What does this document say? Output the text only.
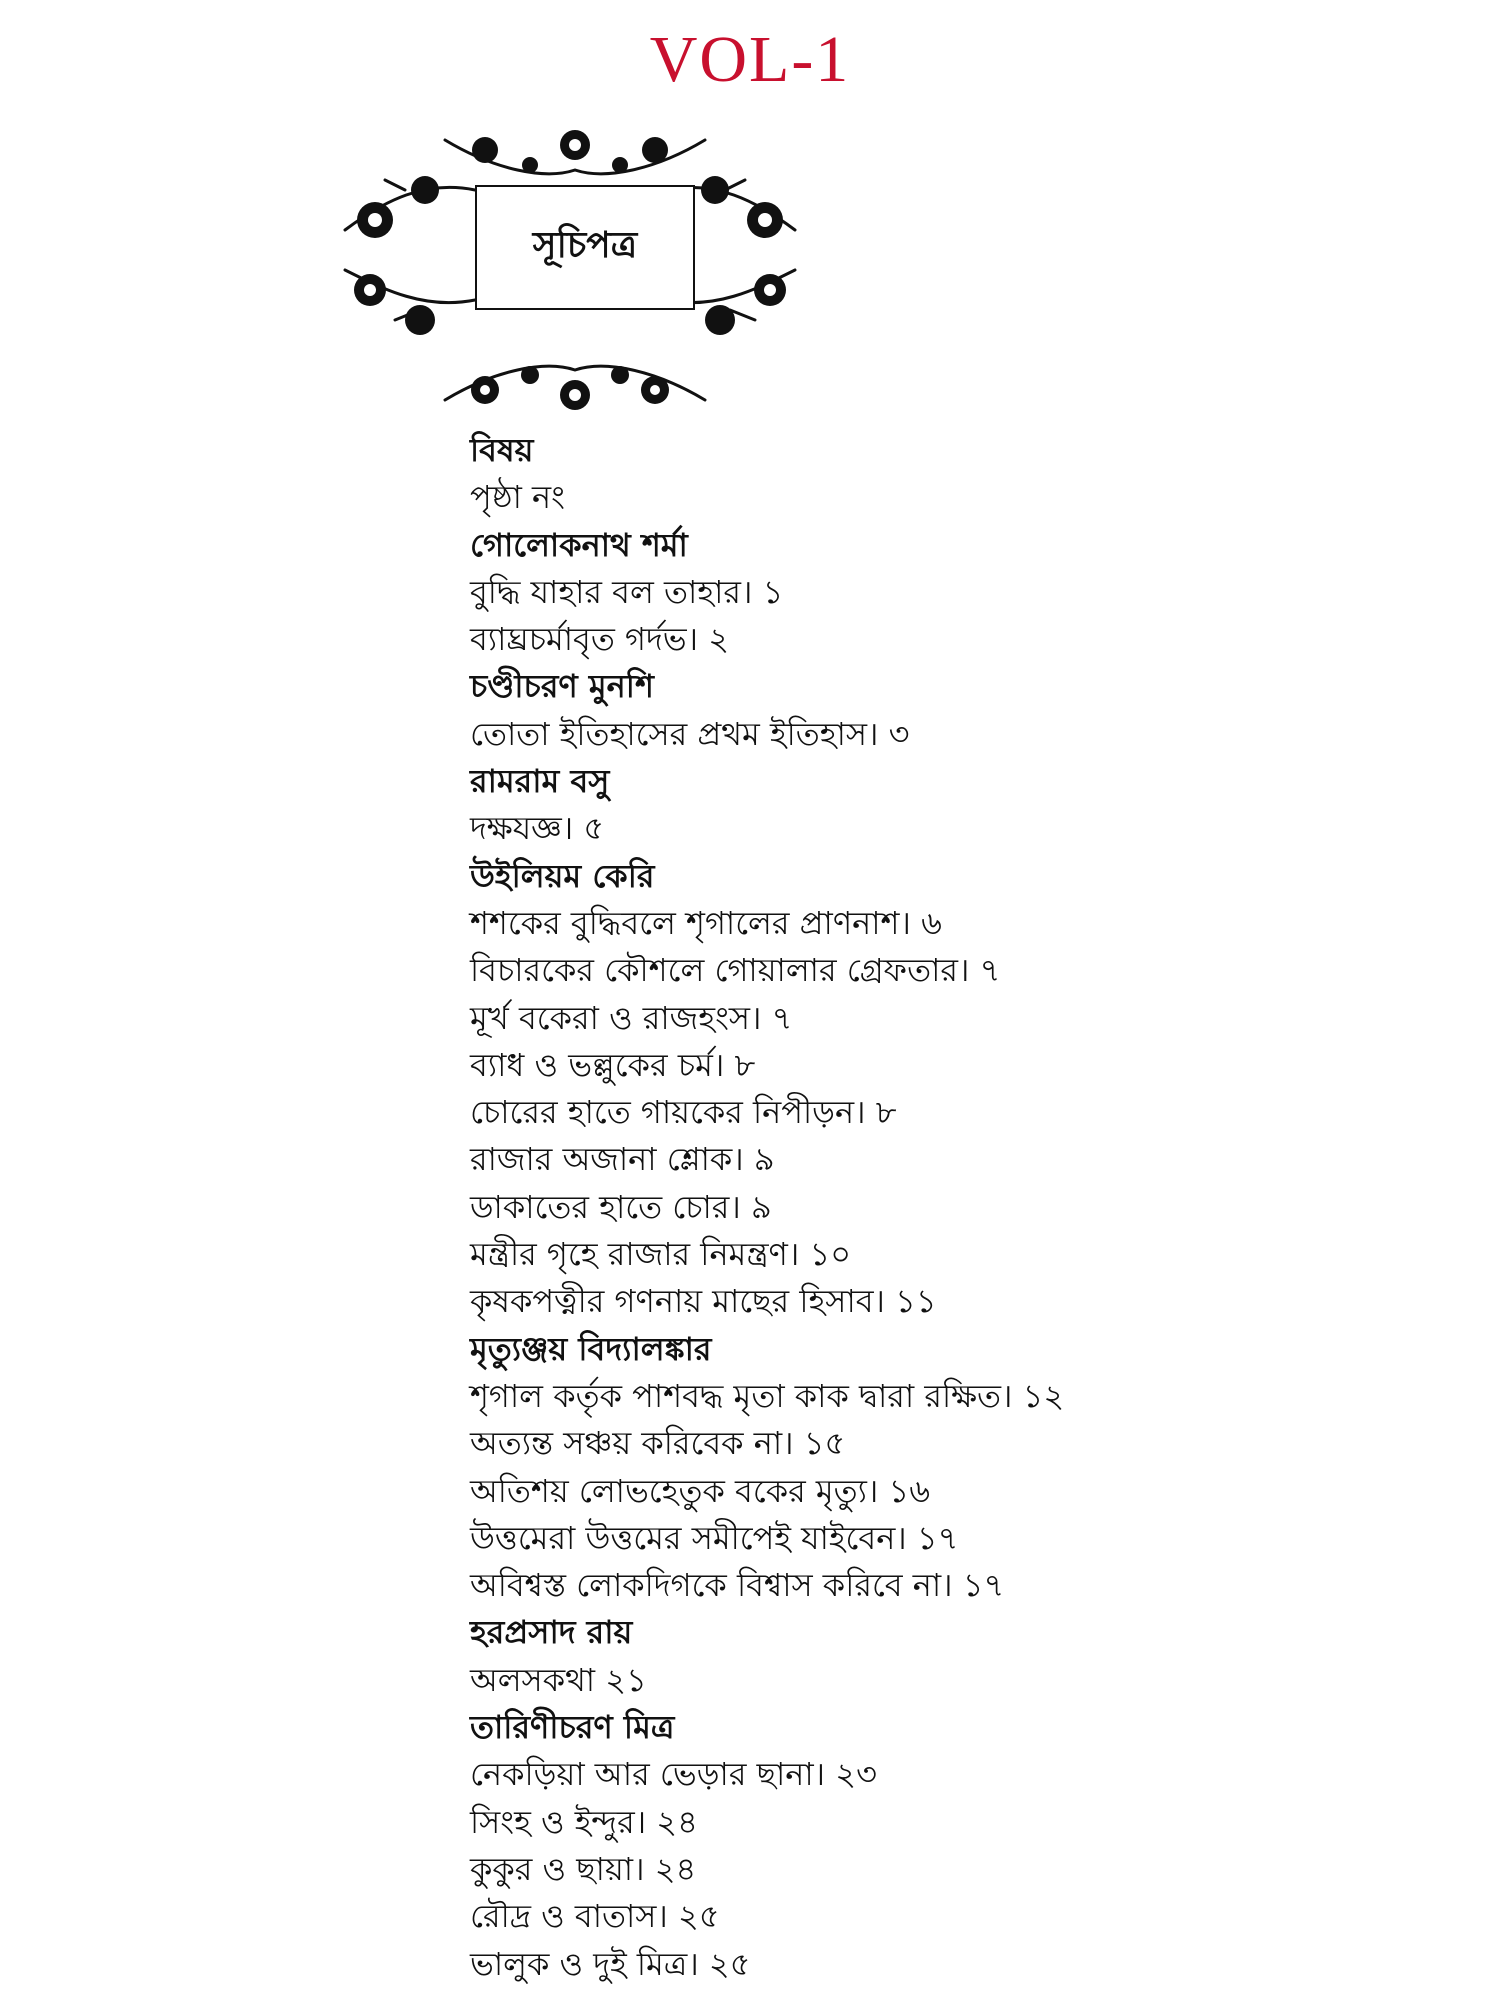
VOL-1
সূচিপত্র
বিষয়
পৃষ্ঠা নং
গোলোকনাথ শর্মা
বুদ্ধি যাহার বল তাহার। ১
ব্যাঘ্রচর্মাবৃত গর্দভ। ২
চণ্ডীচরণ মুনশি
তোতা ইতিহাসের প্রথম ইতিহাস। ৩
রামরাম বসু
দক্ষযজ্ঞ। ৫
উইলিয়ম কেরি
শশকের বুদ্ধিবলে শৃগালের প্রাণনাশ। ৬
বিচারকের কৌশলে গোয়ালার গ্রেফতার। ৭
মূর্খ বকেরা ও রাজহংস। ৭
ব্যাধ ও ভল্লুকের চর্ম। ৮
চোরের হাতে গায়কের নিপীড়ন। ৮
রাজার অজানা শ্লোক। ৯
ডাকাতের হাতে চোর। ৯
মন্ত্রীর গৃহে রাজার নিমন্ত্রণ। ১০
কৃষকপত্নীর গণনায় মাছের হিসাব। ১১
মৃত্যুঞ্জয় বিদ্যালঙ্কার
শৃগাল কর্তৃক পাশবদ্ধ মৃতা কাক দ্বারা রক্ষিত। ১২
অত্যন্ত সঞ্চয় করিবেক না। ১৫
অতিশয় লোভহেতুক বকের মৃত্যু। ১৬
উত্তমেরা উত্তমের সমীপেই যাইবেন। ১৭
অবিশ্বস্ত লোকদিগকে বিশ্বাস করিবে না। ১৭
হরপ্রসাদ রায়
অলসকথা ২১
তারিণীচরণ মিত্র
নেকড়িয়া আর ভেড়ার ছানা। ২৩
সিংহ ও ইন্দুর। ২৪
কুকুর ও ছায়া। ২৪
রৌদ্র ও বাতাস। ২৫
ভালুক ও দুই মিত্র। ২৫
